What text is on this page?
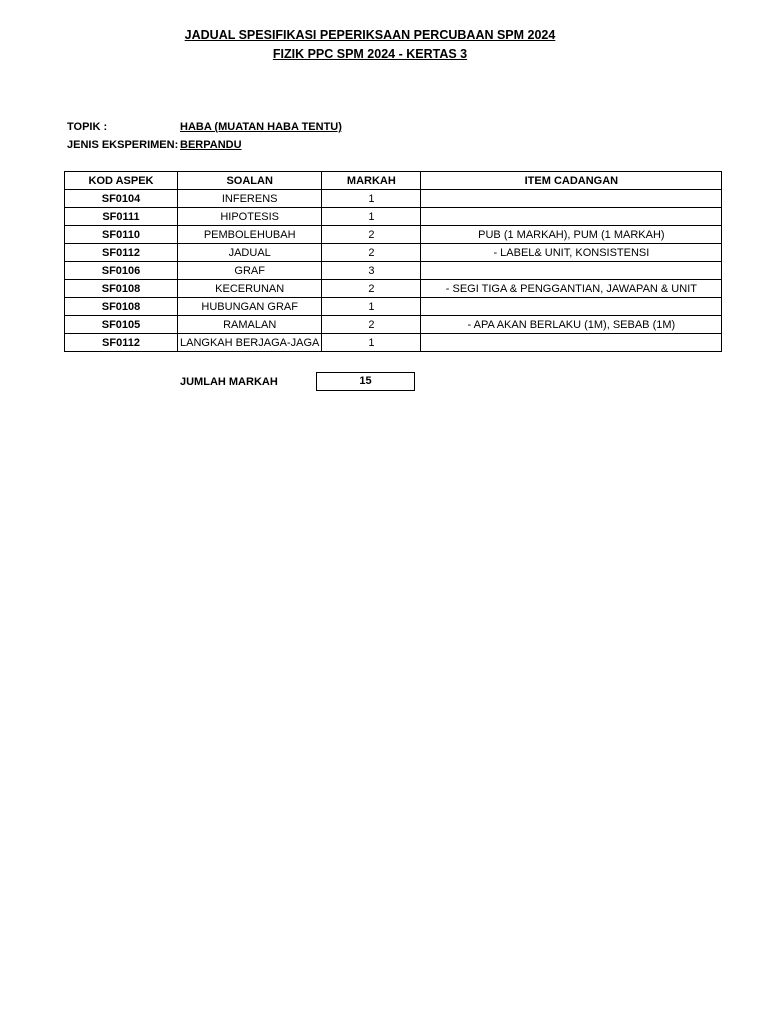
JADUAL SPESIFIKASI PEPERIKSAAN PERCUBAAN SPM 2024
FIZIK PPC SPM 2024 - KERTAS 3
TOPIK :	HABA (MUATAN HABA TENTU)
JENIS EKSPERIMEN: BERPANDU
KOD ASPEK	SOALAN	MARKAH	ITEM CADANGAN
SF0104	INFERENS	1	
SF0111	HIPOTESIS	1	
SF0110	PEMBOLEHUBAH	2	PUB (1 MARKAH), PUM (1 MARKAH)
SF0112	JADUAL	2	- LABEL& UNIT, KONSISTENSI
SF0106	GRAF	3	
SF0108	KECERUNAN	2	- SEGI TIGA & PENGGANTIAN, JAWAPAN & UNIT
SF0108	HUBUNGAN GRAF	1	
SF0105	RAMALAN	2	- APA AKAN BERLAKU (1M), SEBAB (1M)
SF0112	LANGKAH BERJAGA-JAGA	1	
JUMLAH MARKAH	15
